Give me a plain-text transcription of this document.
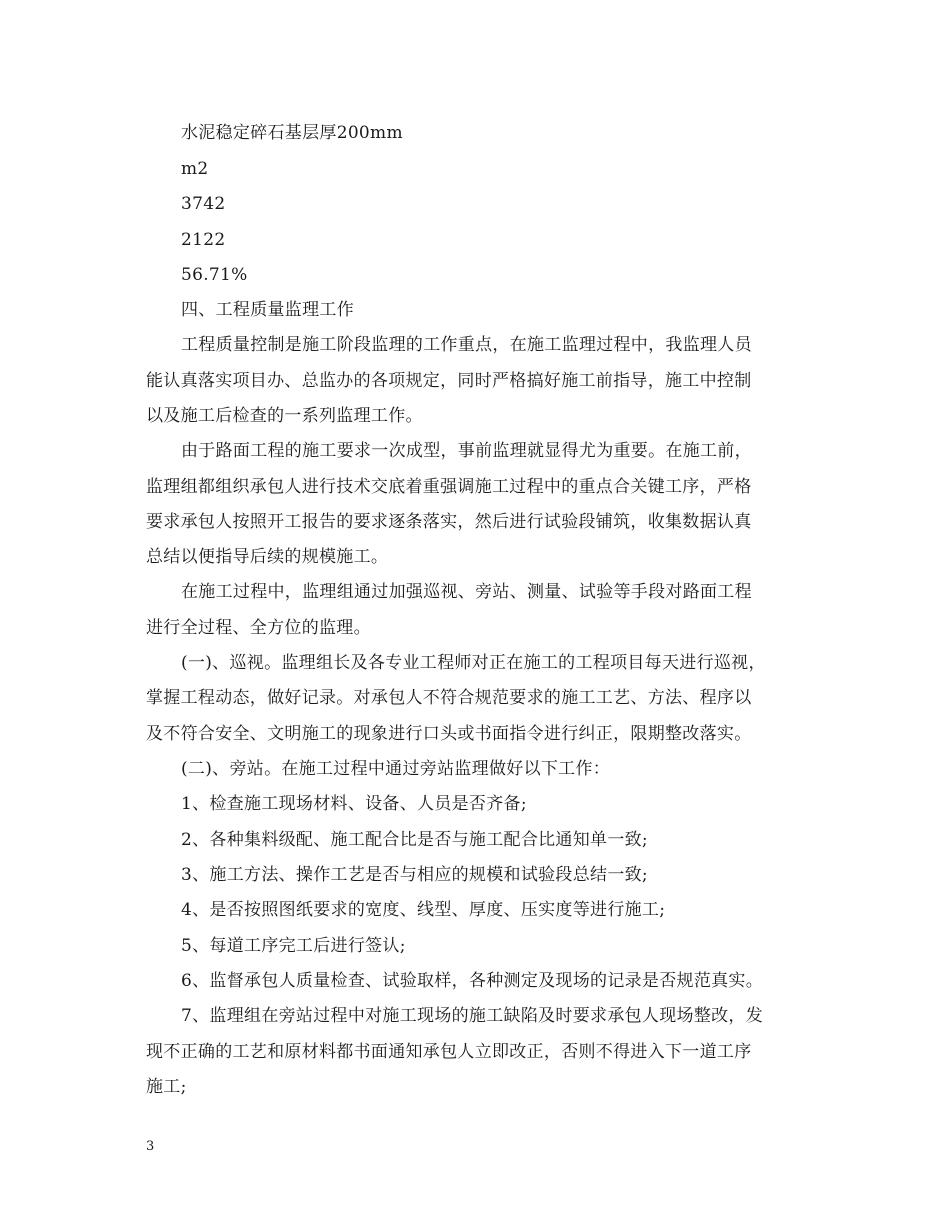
水泥稳定碎石基层厚200mm
m2
3742
2122
56.71%
四、工程质量监理工作
工程质量控制是施工阶段监理的工作重点，在施工监理过程中，我监理人员
能认真落实项目办、总监办的各项规定，同时严格搞好施工前指导，施工中控制
以及施工后检查的一系列监理工作。
由于路面工程的施工要求一次成型，事前监理就显得尤为重要。在施工前，
监理组都组织承包人进行技术交底着重强调施工过程中的重点合关键工序，严格
要求承包人按照开工报告的要求逐条落实，然后进行试验段铺筑，收集数据认真
总结以便指导后续的规模施工。
在施工过程中，监理组通过加强巡视、旁站、测量、试验等手段对路面工程
进行全过程、全方位的监理。
(一)、巡视。监理组长及各专业工程师对正在施工的工程项目每天进行巡视，
掌握工程动态，做好记录。对承包人不符合规范要求的施工工艺、方法、程序以
及不符合安全、文明施工的现象进行口头或书面指令进行纠正，限期整改落实。
(二)、旁站。在施工过程中通过旁站监理做好以下工作：
1、检查施工现场材料、设备、人员是否齐备;
2、各种集料级配、施工配合比是否与施工配合比通知单一致;
3、施工方法、操作工艺是否与相应的规模和试验段总结一致;
4、是否按照图纸要求的宽度、线型、厚度、压实度等进行施工;
5、每道工序完工后进行签认;
6、监督承包人质量检查、试验取样，各种测定及现场的记录是否规范真实。
7、监理组在旁站过程中对施工现场的施工缺陷及时要求承包人现场整改，发
现不正确的工艺和原材料都书面通知承包人立即改正，否则不得进入下一道工序
施工;
3
